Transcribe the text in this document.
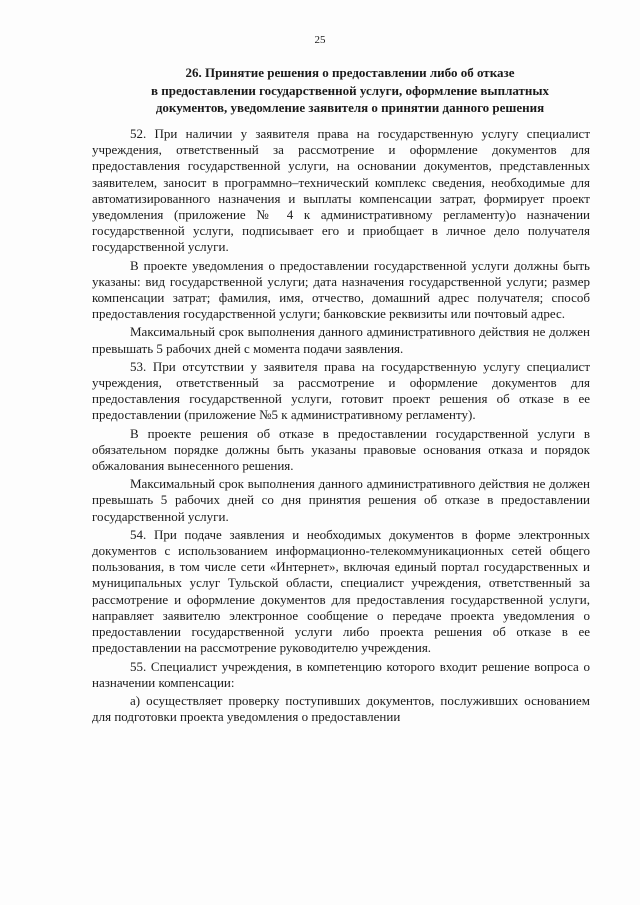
25
26. Принятие решения о предоставлении либо об отказе
в предоставлении государственной услуги, оформление выплатных
документов, уведомление заявителя о принятии данного решения

52. При наличии у заявителя права на государственную услугу специалист учреждения, ответственный за рассмотрение и оформление документов для предоставления государственной услуги, на основании документов, представленных заявителем, заносит в программно–технический комплекс сведения, необходимые для автоматизированного назначения и выплаты компенсации затрат, формирует проект уведомления (приложение № 4 к административному регламенту)о назначении государственной услуги, подписывает его и приобщает в личное дело получателя государственной услуги.

В проекте уведомления о предоставлении государственной услуги должны быть указаны: вид государственной услуги; дата назначения государственной услуги; размер компенсации затрат; фамилия, имя, отчество, домашний адрес получателя; способ предоставления государственной услуги; банковские реквизиты или почтовый адрес.

Максимальный срок выполнения данного административного действия не должен превышать 5 рабочих дней с момента подачи заявления.

53. При отсутствии у заявителя права на государственную услугу специалист учреждения, ответственный за рассмотрение и оформление документов для предоставления государственной услуги, готовит проект решения об отказе в ее предоставлении (приложение №5 к административному регламенту).

В проекте решения об отказе в предоставлении государственной услуги в обязательном порядке должны быть указаны правовые основания отказа и порядок обжалования вынесенного решения.

Максимальный срок выполнения данного административного действия не должен превышать 5 рабочих дней со дня принятия решения об отказе в предоставлении государственной услуги.

54. При подаче заявления и необходимых документов в форме электронных документов с использованием информационно-телекоммуникационных сетей общего пользования, в том числе сети «Интернет», включая единый портал государственных и муниципальных услуг Тульской области, специалист учреждения, ответственный за рассмотрение и оформление документов для предоставления государственной услуги, направляет заявителю электронное сообщение о передаче проекта уведомления о предоставлении государственной услуги либо проекта решения об отказе в ее предоставлении на рассмотрение руководителю учреждения.

55. Специалист учреждения, в компетенцию которого входит решение вопроса о назначении компенсации:

а) осуществляет проверку поступивших документов, послуживших основанием для подготовки проекта уведомления о предоставлении
